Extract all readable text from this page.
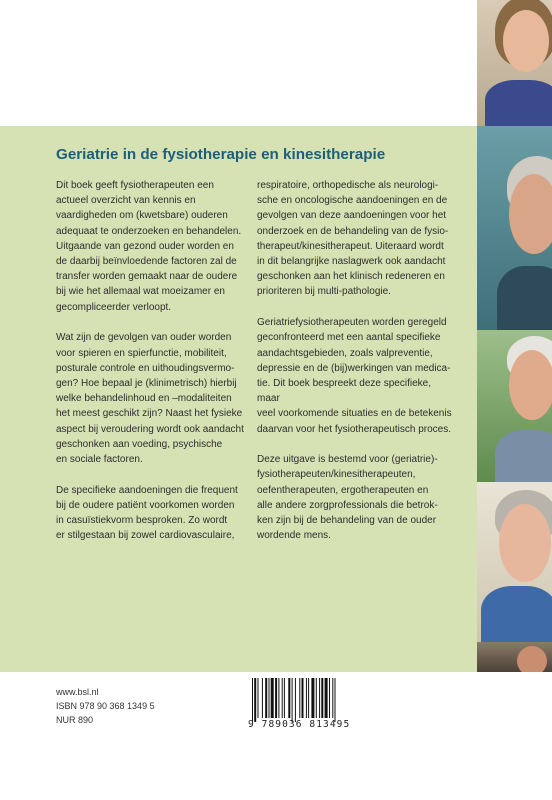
Geriatrie in de fysiotherapie en kinesitherapie

Dit boek geeft fysiotherapeuten een
actueel overzicht van kennis en
vaardigheden om (kwetsbare) ouderen
adequaat te onderzoeken en behandelen.
Uitgaande van gezond ouder worden en
de daarbij beïnvloedende factoren zal de
transfer worden gemaakt naar de oudere
bij wie het allemaal wat moeizamer en
gecompliceerder verloopt.

Wat zijn de gevolgen van ouder worden
voor spieren en spierfunctie, mobiliteit,
posturale controle en uithoudingsvermo-
gen? Hoe bepaal je (klinimetrisch) hierbij
welke behandelinhoud en –modaliteiten
het meest geschikt zijn? Naast het fysieke
aspect bij veroudering wordt ook aandacht
geschonken aan voeding, psychische
en sociale factoren.

De specifieke aandoeningen die frequent
bij de oudere patiënt voorkomen worden
in casuïstiekvorm besproken. Zo wordt
er stilgestaan bij zowel cardiovasculaire,

respiratoire, orthopedische als neurologi-
sche en oncologische aandoeningen en de
gevolgen van deze aandoeningen voor het
onderzoek en de behandeling van de fysio-
therapeut/kinesitherapeut. Uiteraard wordt
in dit belangrijke naslagwerk ook aandacht
geschonken aan het klinisch redeneren en
prioriteren bij multi-pathologie.

Geriatriefysiotherapeuten worden geregeld
geconfronteerd met een aantal specifieke
aandachtsgebieden, zoals valpreventie,
depressie en de (bij)werkingen van medica-
tie. Dit boek bespreekt deze specifieke, maar
veel voorkomende situaties en de betekenis
daarvan voor het fysiotherapeutisch proces.

Deze uitgave is bestemd voor (geriatrie)-
fysiotherapeuten/kinesitherapeuten,
oefentherapeuten, ergotherapeuten en
alle andere zorgprofessionals die betrok-
ken zijn bij de behandeling van de ouder
wordende mens.

www.bsl.nl
ISBN 978 90 368 1349 5
NUR 890	9 789036 813495
